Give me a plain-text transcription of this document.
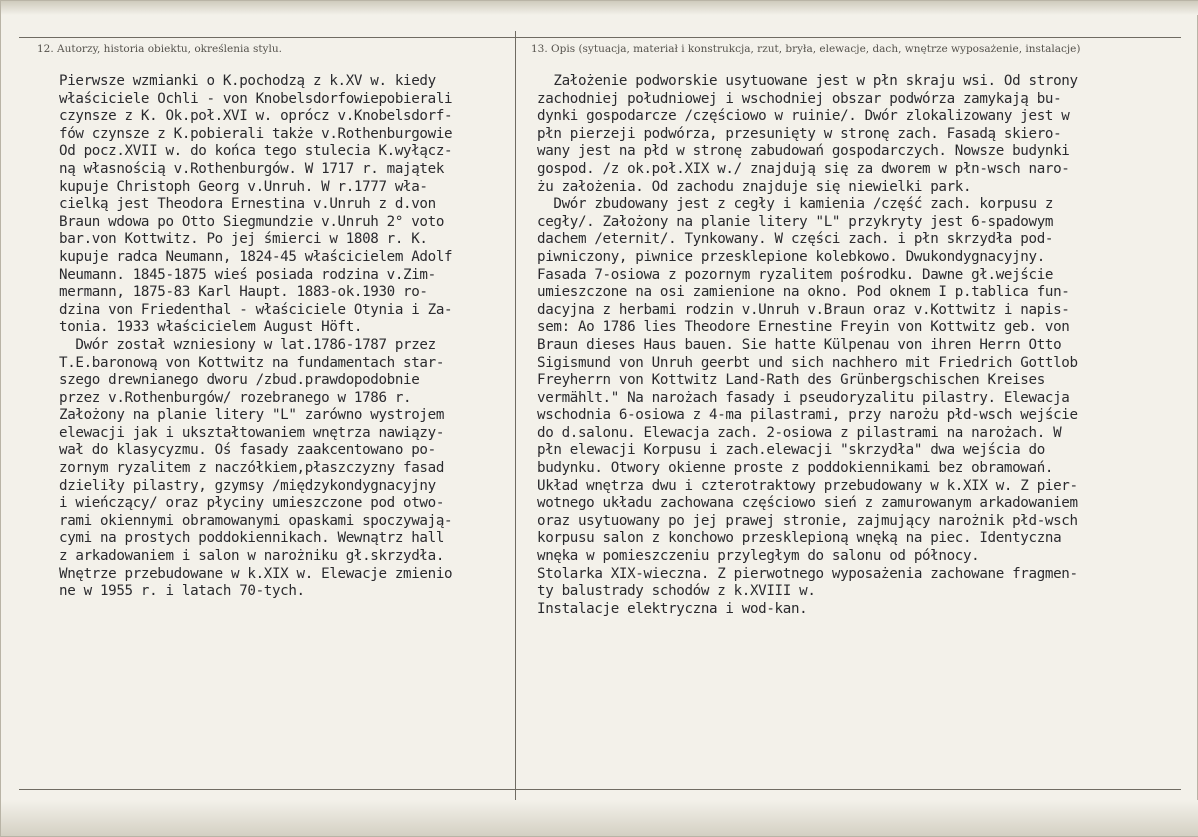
12. Autorzy, historia obiektu, określenia stylu.	13. Opis (sytuacja, materiał i konstrukcja, rzut, bryła, elewacje, dach, wnętrze wyposażenie, instalacje)
Pierwsze wzmianki o K.pochodzą z k.XV w. kiedy
właściciele Ochli - von Knobelsdorfowiepobierali
czynsze z K. Ok.poł.XVI w. oprócz v.Knobelsdorf-
fów czynsze z K.pobierali także v.Rothenburgowie
Od pocz.XVII w. do końca tego stulecia K.wyłącz-
ną własnością v.Rothenburgów. W 1717 r. majątek
kupuje Christoph Georg v.Unruh. W r.1777 wła-
cielką jest Theodora Ernestina v.Unruh z d.von
Braun wdowa po Otto Siegmundzie v.Unruh 2° voto
bar.von Kottwitz. Po jej śmierci w 1808 r. K.
kupuje radca Neumann, 1824-45 właścicielem Adolf
Neumann. 1845-1875 wieś posiada rodzina v.Zim-
mermann, 1875-83 Karl Haupt. 1883-ok.1930 ro-
dzina von Friedenthal - właściciele Otynia i Za-
tonia. 1933 właścicielem August Höft.
Dwór został wzniesiony w lat.1786-1787 przez
T.E.baronową von Kottwitz na fundamentach star-
szego drewnianego dworu /zbud.prawdopodobnie
przez v.Rothenburgów/ rozebranego w 1786 r.
Założony na planie litery "L" zarówno wystrojem
elewacji jak i ukształtowaniem wnętrza nawiązy-
wał do klasycyzmu. Oś fasady zaakcentowano po-
zornym ryzalitem z naczółkiem,płaszczyzny fasad
dzieliły pilastry, gzymsy /międzykondygnacyjny
i wieńczący/ oraz płyciny umieszczone pod otwo-
rami okiennymi obramowanymi opaskami spoczywają-
cymi na prostych poddokiennikach. Wewnątrz hall
z arkadowaniem i salon w narożniku gł.skrzydła.
Wnętrze przebudowane w k.XIX w. Elewacje zmienio
ne w 1955 r. i latach 70-tych.
Założenie podworskie usytuowane jest w płn skraju wsi. Od strony
zachodniej południowej i wschodniej obszar podwórza zamykają bu-
dynki gospodarcze /częściowo w ruinie/. Dwór zlokalizowany jest w
płn pierzeji podwórza, przesunięty w stronę zach. Fasadą skiero-
wany jest na płd w stronę zabudowań gospodarczych. Nowsze budynki
gospod. /z ok.poł.XIX w./ znajdują się za dworem w płn-wsch naro-
żu założenia. Od zachodu znajduje się niewielki park.
Dwór zbudowany jest z cegły i kamienia /część zach. korpusu z
cegły/. Założony na planie litery "L" przykryty jest 6-spadowym
dachem /eternit/. Tynkowany. W części zach. i płn skrzydła pod-
piwniczony, piwnice przesklepione kolebkowo. Dwukondygnacyjny.
Fasada 7-osiowa z pozornym ryzalitem pośrodku. Dawne gł.wejście
umieszczone na osi zamienione na okno. Pod oknem I p.tablica fun-
dacyjna z herbami rodzin v.Unruh v.Braun oraz v.Kottwitz i napis-
sem: Ao 1786 lies Theodore Ernestine Freyin von Kottwitz geb. von
Braun dieses Haus bauen. Sie hatte Külpenau von ihren Herrn Otto
Sigismund von Unruh geerbt und sich nachhero mit Friedrich Gottlob
Freyherrn von Kottwitz Land-Rath des Grünbergschischen Kreises
vermählt." Na narożach fasady i pseudoryzalitu pilastry. Elewacja
wschodnia 6-osiowa z 4-ma pilastrami, przy narożu płd-wsch wejście
do d.salonu. Elewacja zach. 2-osiowa z pilastrami na narożach. W
płn elewacji Korpusu i zach.elewacji "skrzydła" dwa wejścia do
budynku. Otwory okienne proste z poddokiennikami bez obramowań.
Układ wnętrza dwu i czterotraktowy przebudowany w k.XIX w. Z pier-
wotnego układu zachowana częściowo sień z zamurowanym arkadowaniem
oraz usytuowany po jej prawej stronie, zajmujący narożnik płd-wsch
korpusu salon z konchowo przesklepioną wnęką na piec. Identyczna
wnęka w pomieszczeniu przyległym do salonu od północy.
Stolarka XIX-wieczna. Z pierwotnego wyposażenia zachowane fragmen-
ty balustrady schodów z k.XVIII w.
Instalacje elektryczna i wod-kan.
